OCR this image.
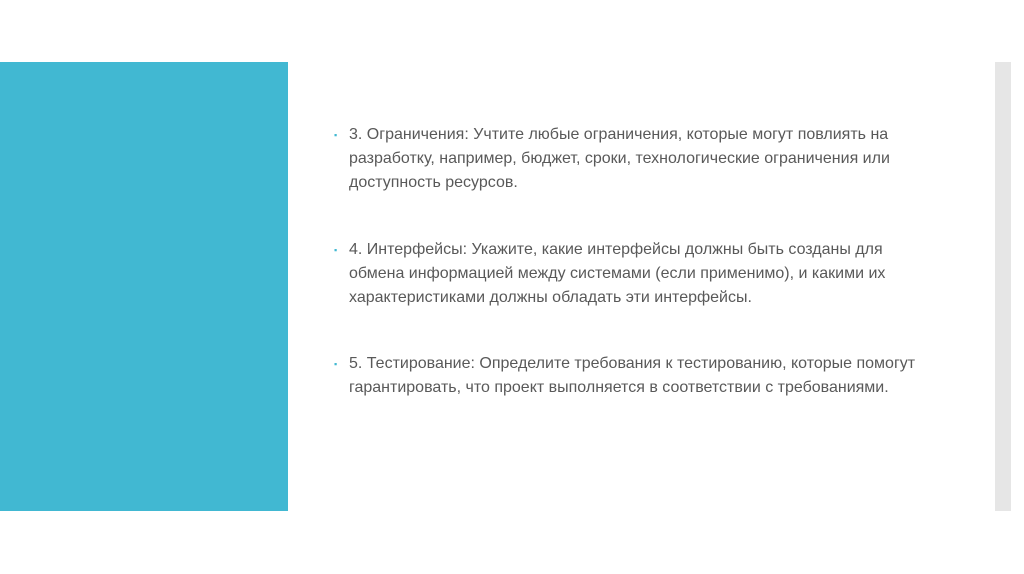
▪ 3. Ограничения: Учтите любые ограничения, которые могут повлиять на разработку, например, бюджет, сроки, технологические ограничения или доступность ресурсов.
▪ 4. Интерфейсы: Укажите, какие интерфейсы должны быть созданы для обмена информацией между системами (если применимо), и какими их характеристиками должны обладать эти интерфейсы.
▪ 5. Тестирование: Определите требования к тестированию, которые помогут гарантировать, что проект выполняется в соответствии с требованиями.
